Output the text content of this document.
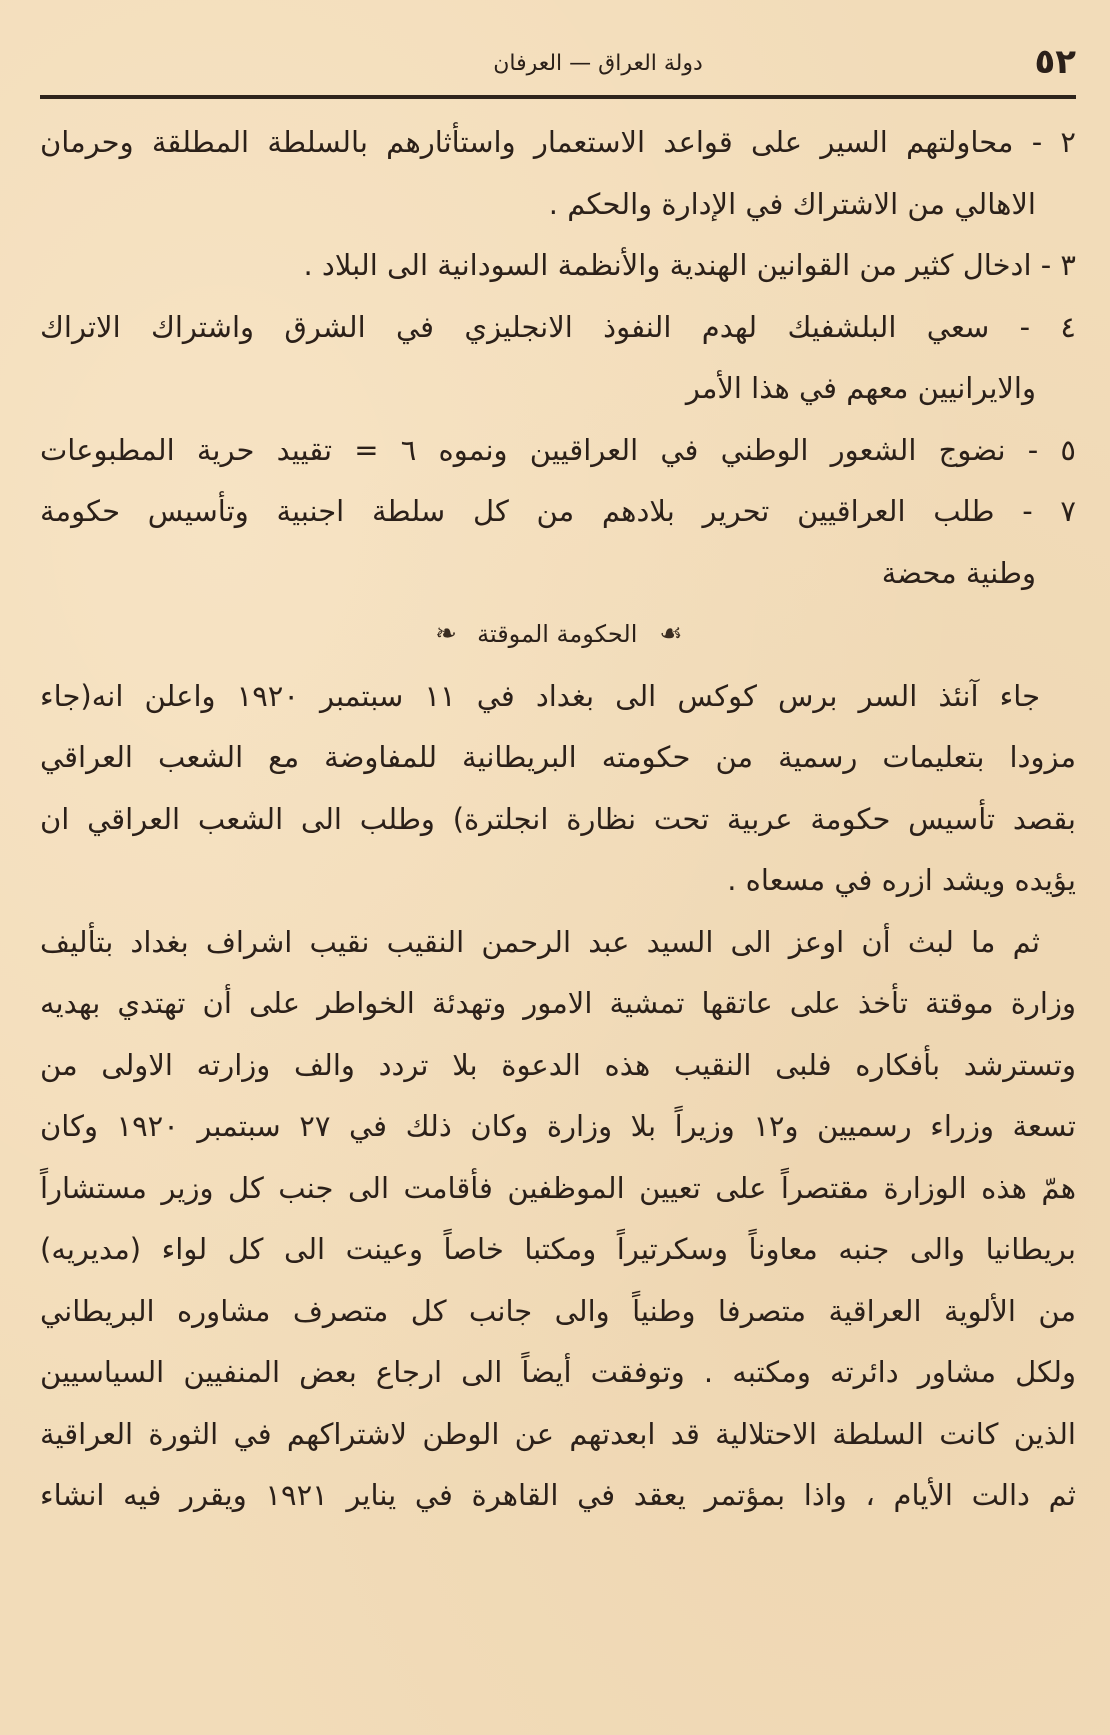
٥٢
دولة العراق — العرفان
٢ - محاولتهم السير على قواعد الاستعمار واستأثارهم بالسلطة المطلقة وحرمان
الاهالي من الاشتراك في الإدارة والحكم .
٣ - ادخال كثير من القوانين الهندية والأنظمة السودانية الى البلاد .
٤ - سعي البلشفيك لهدم النفوذ الانجليزي في الشرق واشتراك الاتراك
والايرانيين معهم في هذا الأمر
٥ - نضوج الشعور الوطني في العراقيين ونموه ٦ = تقييد حرية المطبوعات
٧ - طلب العراقيين تحرير بلادهم من كل سلطة اجنبية وتأسيس حكومة
وطنية محضة
☙
الحكومة الموقتة
❧
جاء آنئذ السر برس كوكس الى بغداد في ١١ سبتمبر ١٩٢٠ واعلن انه(جاء
مزودا بتعليمات رسمية من حكومته البريطانية للمفاوضة مع الشعب العراقي
بقصد تأسيس حكومة عربية تحت نظارة انجلترة) وطلب الى الشعب العراقي ان
يؤيده ويشد ازره في مسعاه .
ثم ما لبث أن اوعز الى السيد عبد الرحمن النقيب نقيب اشراف بغداد بتأليف
وزارة موقتة تأخذ على عاتقها تمشية الامور وتهدئة الخواطر على أن تهتدي بهديه
وتسترشد بأفكاره فلبى النقيب هذه الدعوة بلا تردد والف وزارته الاولى من
تسعة وزراء رسميين و١٢ وزيراً بلا وزارة وكان ذلك في ٢٧ سبتمبر ١٩٢٠ وكان
همّ هذه الوزارة مقتصراً على تعيين الموظفين فأقامت الى جنب كل وزير مستشاراً
بريطانيا والى جنبه معاوناً وسكرتيراً ومكتبا خاصاً وعينت الى كل لواء (مديريه)
من الألوية العراقية متصرفا وطنياً والى جانب كل متصرف مشاوره البريطاني
ولكل مشاور دائرته ومكتبه . وتوفقت أيضاً الى ارجاع بعض المنفيين السياسيين
الذين كانت السلطة الاحتلالية قد ابعدتهم عن الوطن لاشتراكهم في الثورة العراقية
ثم دالت الأيام ، واذا بمؤتمر يعقد في القاهرة في يناير ١٩٢١ ويقرر فيه انشاء
